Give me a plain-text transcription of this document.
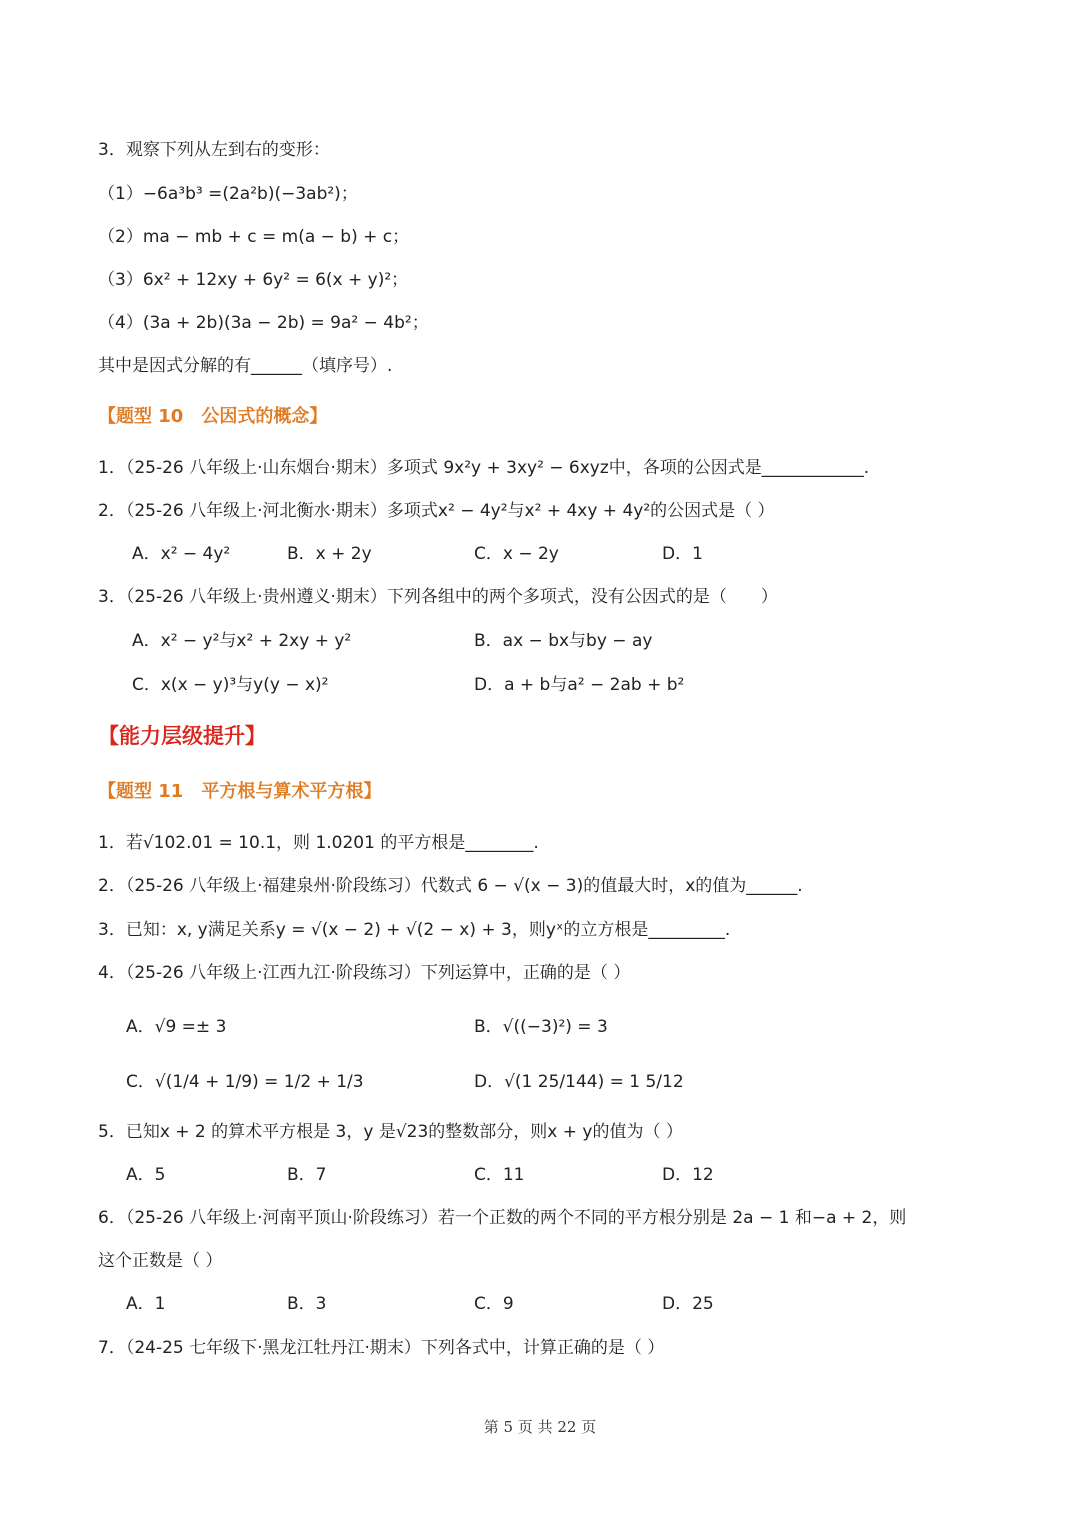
3．观察下列从左到右的变形：
（1）−6a³b³ =(2a²b)(−3ab²)；
（2）ma − mb + c = m(a − b) + c；
（3）6x² + 12xy + 6y² = 6(x + y)²；
（4）(3a + 2b)(3a − 2b) = 9a² − 4b²；
其中是因式分解的有______（填序号）.
【题型 10　公因式的概念】
1．（25-26 八年级上·山东烟台·期末）多项式 9x²y + 3xy² − 6xyz中，各项的公因式是____________.
2．（25-26 八年级上·河北衡水·期末）多项式x² − 4y²与x² + 4xy + 4y²的公因式是（ ）
A．x² − 4y²	B．x + 2y	C．x − 2y	D．1
3．（25-26 八年级上·贵州遵义·期末）下列各组中的两个多项式，没有公因式的是（　　）
A．x² − y²与x² + 2xy + y²	B．ax − bx与by − ay
C．x(x − y)³与y(y − x)²	D．a + b与a² − 2ab + b²
【能力层级提升】
【题型 11　平方根与算术平方根】
1．若√102.01 = 10.1，则 1.0201 的平方根是________.
2．（25-26 八年级上·福建泉州·阶段练习）代数式 6 − √(x − 3)的值最大时，x的值为______.
3．已知：x, y满足关系y = √(x − 2) + √(2 − x) + 3，则yˣ的立方根是_________.
4．（25-26 八年级上·江西九江·阶段练习）下列运算中，正确的是（ ）
A．√9 =± 3	B．√((−3)²) = 3
C．√(1/4 + 1/9) = 1/2 + 1/3	D．√(1 25/144) = 1 5/12
5．已知x + 2 的算术平方根是 3，y 是√23的整数部分，则x + y的值为（ ）
A．5	B．7	C．11	D．12
6．（25-26 八年级上·河南平顶山·阶段练习）若一个正数的两个不同的平方根分别是 2a − 1 和−a + 2，则
这个正数是（ ）
A．1	B．3	C．9	D．25
7．（24-25 七年级下·黑龙江牡丹江·期末）下列各式中，计算正确的是（ ）
第 5 页 共 22 页
